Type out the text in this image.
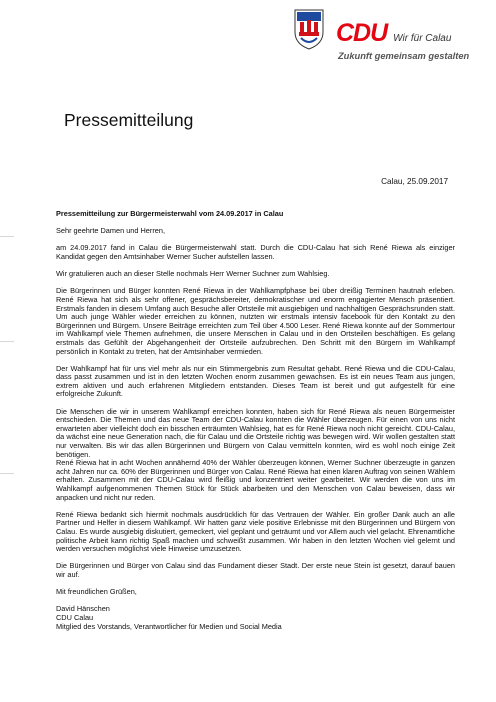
CDU Wir für Calau
Zukunft gemeinsam gestalten
Pressemitteilung
Calau, 25.09.2017

Pressemitteilung zur Bürgermeisterwahl vom 24.09.2017 in Calau

Sehr geehrte Damen und Herren,

am 24.09.2017 fand in Calau die Bürgermeisterwahl statt. Durch die CDU-Calau hat sich René Riewa als einziger Kandidat gegen den Amtsinhaber Werner Sucher aufstellen lassen.

Wir gratulieren auch an dieser Stelle nochmals Herr Werner Suchner zum Wahlsieg.

Die Bürgerinnen und Bürger konnten René Riewa in der Wahlkampfphase bei über dreißig Terminen hautnah erleben. René Riewa hat sich als sehr offener, gesprächsbereiter, demokratischer und enorm engagierter Mensch präsentiert. Erstmals fanden in diesem Umfang auch Besuche aller Ortsteile mit ausgiebigen und nachhaltigen Gesprächsrunden statt. Um auch junge Wähler wieder erreichen zu können, nutzten wir erstmals intensiv facebook für den Kontakt zu den Bürgerinnen und Bürgern. Unsere Beiträge erreichten zum Teil über 4.500 Leser. René Riewa konnte auf der Sommertour im Wahlkampf viele Themen aufnehmen, die unsere Menschen in Calau und in den Ortsteilen beschäftigen. Es gelang erstmals das Gefühlt der Abgehangenheit der Ortsteile aufzubrechen. Den Schritt mit den Bürgern im Wahlkampf persönlich in Kontakt zu treten, hat der Amtsinhaber vermieden.

Der Wahlkampf hat für uns viel mehr als nur ein Stimmergebnis zum Resultat gehabt. René Riewa und die CDU-Calau, dass passt zusammen und ist in den letzten Wochen enorm zusammen gewachsen. Es ist ein neues Team aus jungen, extrem aktiven und auch erfahrenen Mitgliedern entstanden. Dieses Team ist bereit und gut aufgestellt für eine erfolgreiche Zukunft.

Die Menschen die wir in unserem Wahlkampf erreichen konnten, haben sich für René Riewa als neuen Bürgermeister entschieden. Die Themen und das neue Team der CDU-Calau konnten die Wähler überzeugen. Für einen von uns nicht erwarteten aber vielleicht doch ein bisschen erträumten Wahlsieg, hat es für René Riewa noch nicht gereicht. CDU-Calau, da wächst eine neue Generation nach, die für Calau und die Ortsteile richtig was bewegen wird. Wir wollen gestalten statt nur verwalten. Bis wir das allen Bürgerinnen und Bürgern von Calau vermitteln konnten, wird es wohl noch einige Zeit benötigen.

René Riewa hat in acht Wochen annähernd 40% der Wähler überzeugen können, Werner Suchner überzeugte in ganzen acht Jahren nur ca. 60% der Bürgerinnen und Bürger von Calau. René Riewa hat einen klaren Auftrag von seinen Wählern erhalten. Zusammen mit der CDU-Calau wird fleißig und konzentriert weiter gearbeitet. Wir werden die von uns im Wahlkampf aufgenommenen Themen Stück für Stück abarbeiten und den Menschen von Calau beweisen, dass wir anpacken und nicht nur reden.

René Riewa bedankt sich hiermit nochmals ausdrücklich für das Vertrauen der Wähler. Ein großer Dank auch an alle Partner und Helfer in diesem Wahlkampf. Wir hatten ganz viele positive Erlebnisse mit den Bürgerinnen und Bürgern von Calau. Es wurde ausgiebig diskutiert, gemeckert, viel geplant und geträumt und vor Allem auch viel gelacht. Ehrenamtliche politische Arbeit kann richtig Spaß machen und schweißt zusammen. Wir haben in den letzten Wochen viel gelernt und werden versuchen möglichst viele Hinweise umzusetzen.

Die Bürgerinnen und Bürger von Calau sind das Fundament dieser Stadt. Der erste neue Stein ist gesetzt, darauf bauen wir auf.

Mit freundlichen Grüßen,

David Hänschen
CDU Calau
Mitglied des Vorstands, Verantwortlicher für Medien und Social Media
